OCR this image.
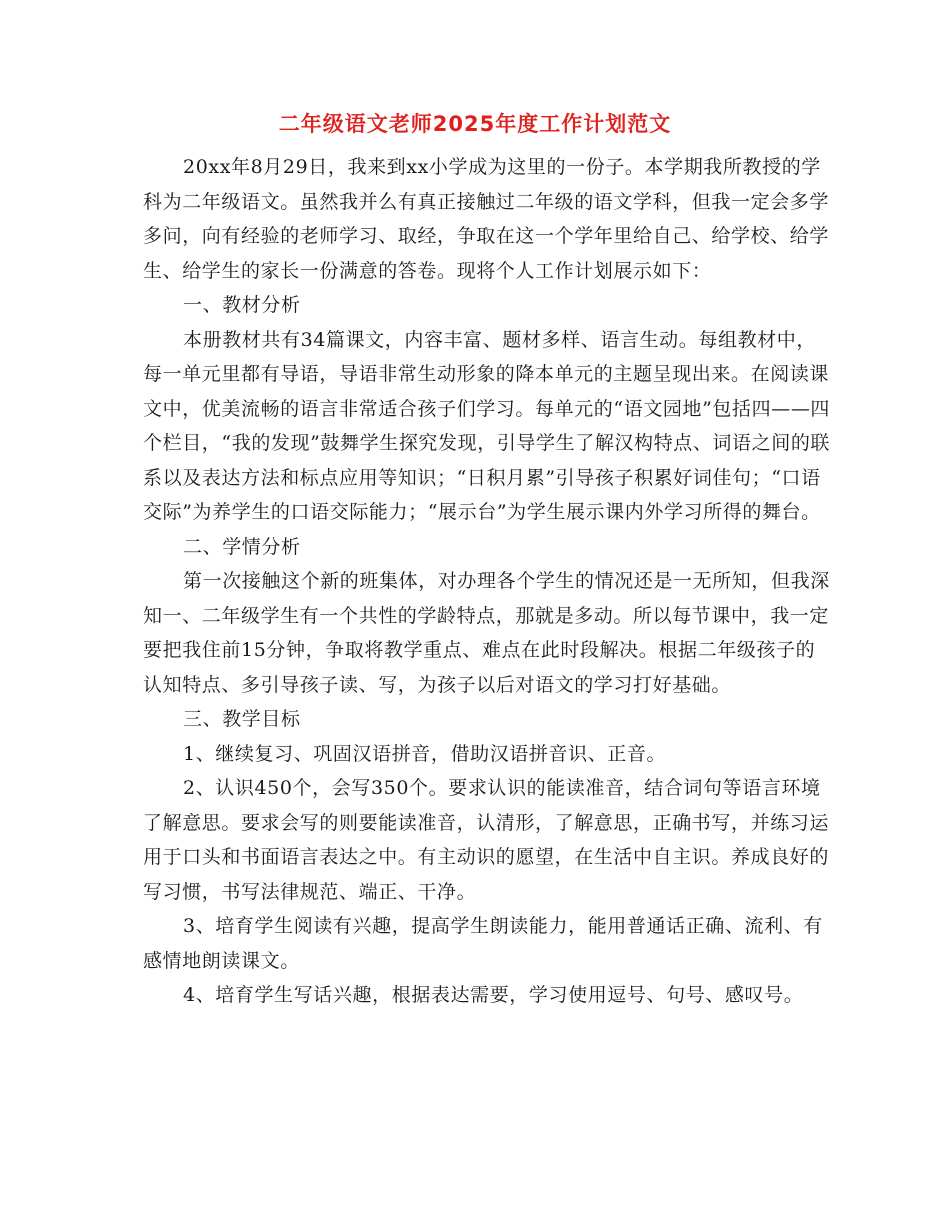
二年级语文老师2025年度工作计划范文

20xx年8月29日，我来到xx小学成为这里的一份子。本学期我所教授的学科为二年级语文。虽然我并么有真正接触过二年级的语文学科，但我一定会多学多问，向有经验的老师学习、取经，争取在这一个学年里给自己、给学校、给学生、给学生的家长一份满意的答卷。现将个人工作计划展示如下：

一、教材分析

本册教材共有34篇课文，内容丰富、题材多样、语言生动。每组教材中，每一单元里都有导语，导语非常生动形象的降本单元的主题呈现出来。在阅读课文中，优美流畅的语言非常适合孩子们学习。每单元的“语文园地”包括四——四个栏目，“我的发现”鼓舞学生探究发现，引导学生了解汉构特点、词语之间的联系以及表达方法和标点应用等知识；“日积月累”引导孩子积累好词佳句；“口语交际”为养学生的口语交际能力；“展示台”为学生展示课内外学习所得的舞台。

二、学情分析

第一次接触这个新的班集体，对办理各个学生的情况还是一无所知，但我深知一、二年级学生有一个共性的学龄特点，那就是多动。所以每节课中，我一定要把我住前15分钟，争取将教学重点、难点在此时段解决。根据二年级孩子的认知特点、多引导孩子读、写，为孩子以后对语文的学习打好基础。

三、教学目标

1、继续复习、巩固汉语拼音，借助汉语拼音识、正音。

2、认识450个，会写350个。要求认识的能读准音，结合词句等语言环境了解意思。要求会写的则要能读准音，认清形，了解意思，正确书写，并练习运用于口头和书面语言表达之中。有主动识的愿望，在生活中自主识。养成良好的写习惯，书写法律规范、端正、干净。

3、培育学生阅读有兴趣，提高学生朗读能力，能用普通话正确、流利、有感情地朗读课文。

4、培育学生写话兴趣，根据表达需要，学习使用逗号、句号、感叹号。
